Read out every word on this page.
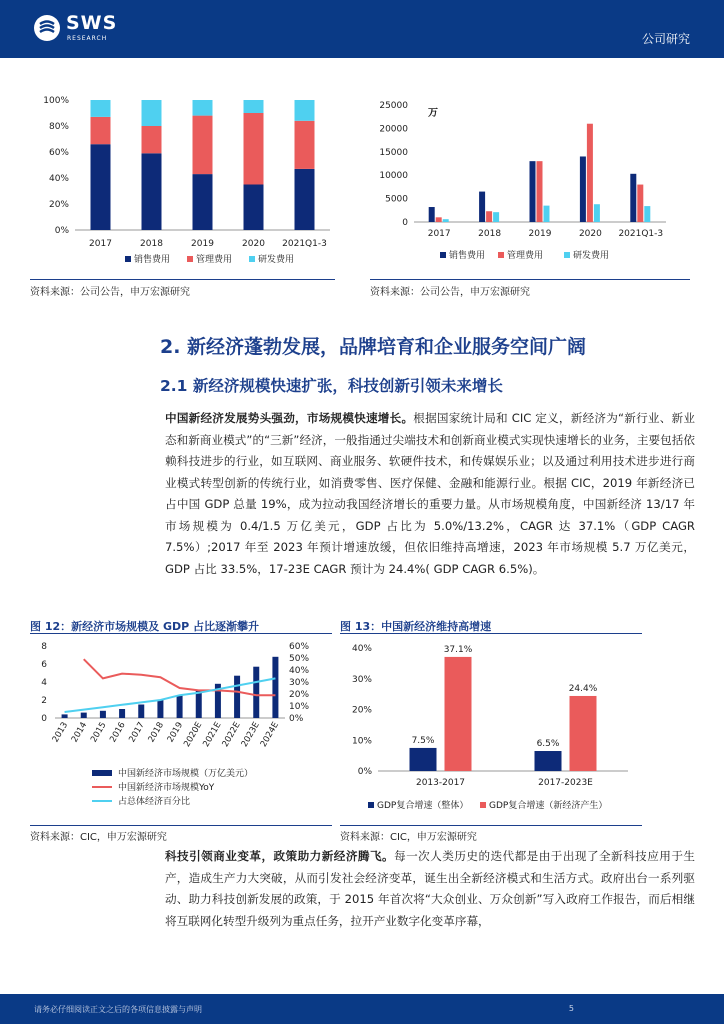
SWS
RESEARCH	公司研究
0%
20%
40%
60%
80%
100%
2017	2018	2019	2020 2021Q1-3
销售费用	管理费用	研发费用
0
5000
10000
15000
20000
25000
万
2017	2018	2019	2020 2021Q1-3
销售费用 管理费用	研发费用
资料来源：公司公告，申万宏源研究	资料来源：公司公告，申万宏源研究
2. 新经济蓬勃发展，品牌培育和企业服务空间广阔
2.1 新经济规模快速扩张，科技创新引领未来增长
中国新经济发展势头强劲，市场规模快速增长。根据国家统计局和 CIC 定义，新经济为“新行业、新业态和新商业模式”的“三新”经济，一般指通过尖端技术和创新商业模式实现快速增长的业务，主要包括依赖科技进步的行业，如互联网、商业服务、软硬件技术，和传媒娱乐业；以及通过利用技术进步进行商业模式转型创新的传统行业，如消费零售、医疗保健、金融和能源行业。根据 CIC，2019 年新经济已占中国 GDP 总量 19%，成为拉动我国经济增长的重要力量。从市场规模角度，中国新经济 13/17 年市场规模为 0.4/1.5 万亿美元，GDP 占比为 5.0%/13.2%，CAGR 达 37.1%（GDP CAGR 7.5%）;2017 年至 2023 年预计增速放缓，但依旧维持高增速，2023 年市场规模 5.7 万亿美元，GDP 占比 33.5%，17-23E CAGR 预计为 24.4%( GDP CAGR 6.5%)。
图 12：新经济市场规模及 GDP 占比逐渐攀升	图 13：中国新经济维持高增速
0
2
4
6
8
0%
10%
20%
30%
40%
50%
60%
2013 2014 2015 2016 2017 2018 2019
2020E
2021E
2022E
2023E
2024E
中国新经济市场规模（万亿美元）
中国新经济市场规模YoY
占总体经济百分比
0%
10%
20%
30%
40%
7.5%
37.1%
2013-2017
6.5%
24.4%
2017-2023E
GDP复合增速（整体） GDP复合增速（新经济产生）
资料来源：CIC，申万宏源研究	资料来源：CIC，申万宏源研究
科技引领商业变革，政策助力新经济腾飞。每一次人类历史的迭代都是由于出现了全新科技应用于生产，造成生产力大突破，从而引发社会经济变革，诞生出全新经济模式和生活方式。政府出台一系列驱动、助力科技创新发展的政策，于 2015 年首次将“大众创业、万众创新”写入政府工作报告，而后相继将互联网化转型升级列为重点任务，拉开产业数字化变革序幕，
请务必仔细阅读正文之后的各项信息披露与声明	5
